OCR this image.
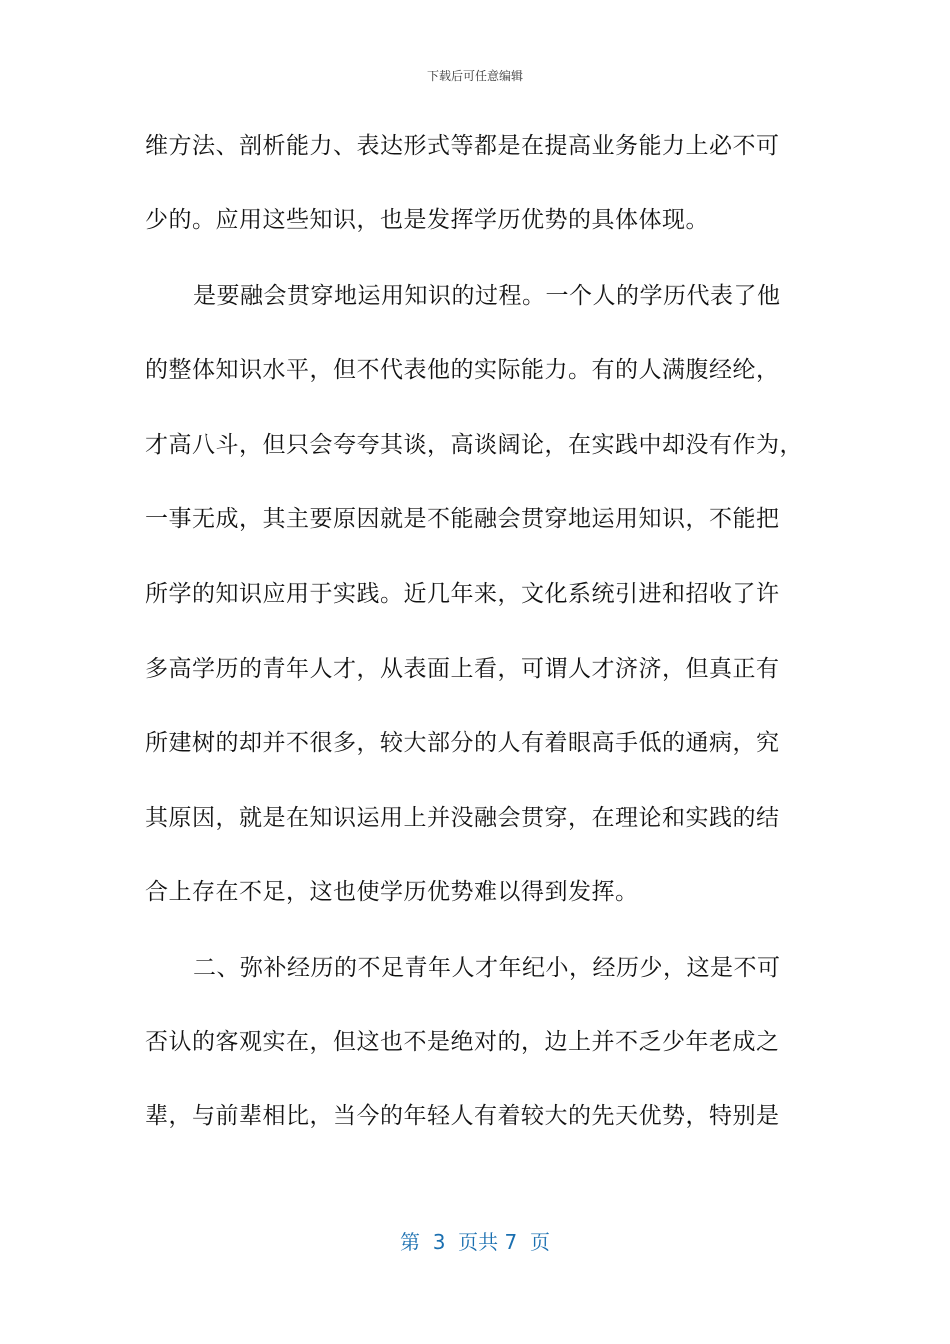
下载后可任意编辑
维方法、剖析能力、表达形式等都是在提高业务能力上必不可
少的。应用这些知识，也是发挥学历优势的具体体现。
是要融会贯穿地运用知识的过程。一个人的学历代表了他
的整体知识水平，但不代表他的实际能力。有的人满腹经纶，
才高八斗，但只会夸夸其谈，高谈阔论，在实践中却没有作为，
一事无成，其主要原因就是不能融会贯穿地运用知识，不能把
所学的知识应用于实践。近几年来，文化系统引进和招收了许
多高学历的青年人才，从表面上看，可谓人才济济，但真正有
所建树的却并不很多，较大部分的人有着眼高手低的通病，究
其原因，就是在知识运用上并没融会贯穿，在理论和实践的结
合上存在不足，这也使学历优势难以得到发挥。
二、弥补经历的不足青年人才年纪小，经历少，这是不可
否认的客观实在，但这也不是绝对的，边上并不乏少年老成之
辈，与前辈相比，当今的年轻人有着较大的先天优势，特别是
第  3  页共 7  页
